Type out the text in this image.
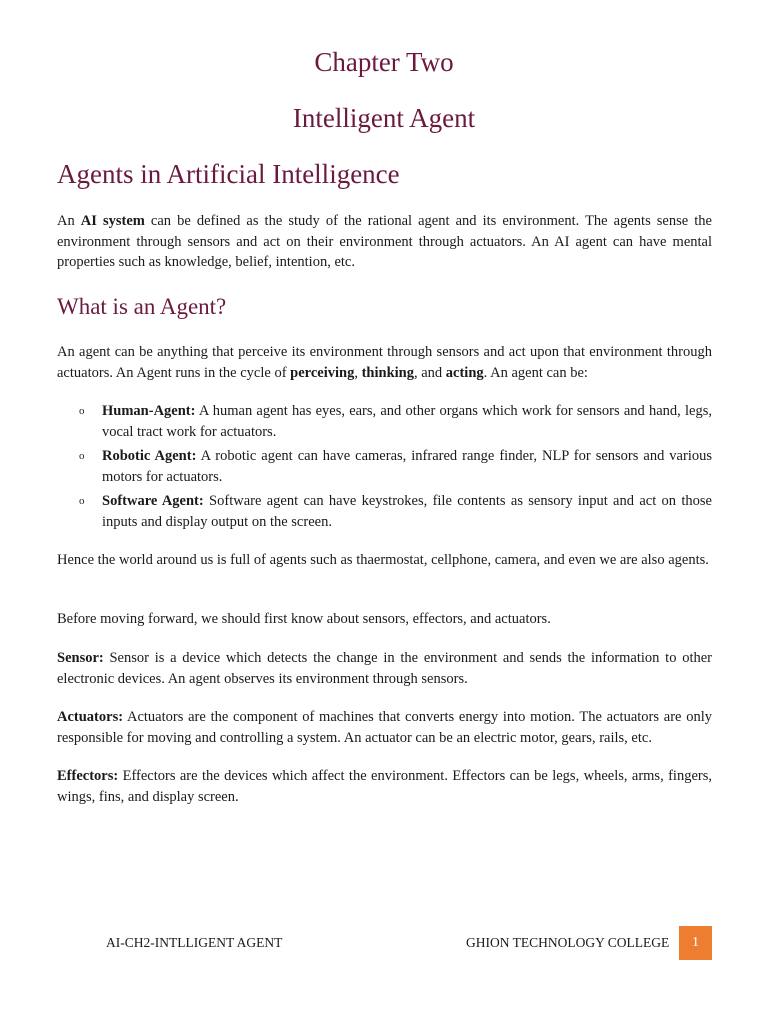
Chapter Two
Intelligent Agent
Agents in Artificial Intelligence

An AI system can be defined as the study of the rational agent and its environment. The agents sense the environment through sensors and act on their environment through actuators. An AI agent can have mental properties such as knowledge, belief, intention, etc.

What is an Agent?

An agent can be anything that perceive its environment through sensors and act upon that environment through actuators. An Agent runs in the cycle of perceiving, thinking, and acting. An agent can be:

o Human-Agent: A human agent has eyes, ears, and other organs which work for sensors and hand, legs, vocal tract work for actuators.
o Robotic Agent: A robotic agent can have cameras, infrared range finder, NLP for sensors and various motors for actuators.
o Software Agent: Software agent can have keystrokes, file contents as sensory input and act on those inputs and display output on the screen.

Hence the world around us is full of agents such as thaermostat, cellphone, camera, and even we are also agents.

Before moving forward, we should first know about sensors, effectors, and actuators.

Sensor: Sensor is a device which detects the change in the environment and sends the information to other electronic devices. An agent observes its environment through sensors.

Actuators: Actuators are the component of machines that converts energy into motion. The actuators are only responsible for moving and controlling a system. An actuator can be an electric motor, gears, rails, etc.

Effectors: Effectors are the devices which affect the environment. Effectors can be legs, wheels, arms, fingers, wings, fins, and display screen.

AI-CH2-INTLLIGENT AGENT	GHION TECHNOLOGY COLLEGE	1
